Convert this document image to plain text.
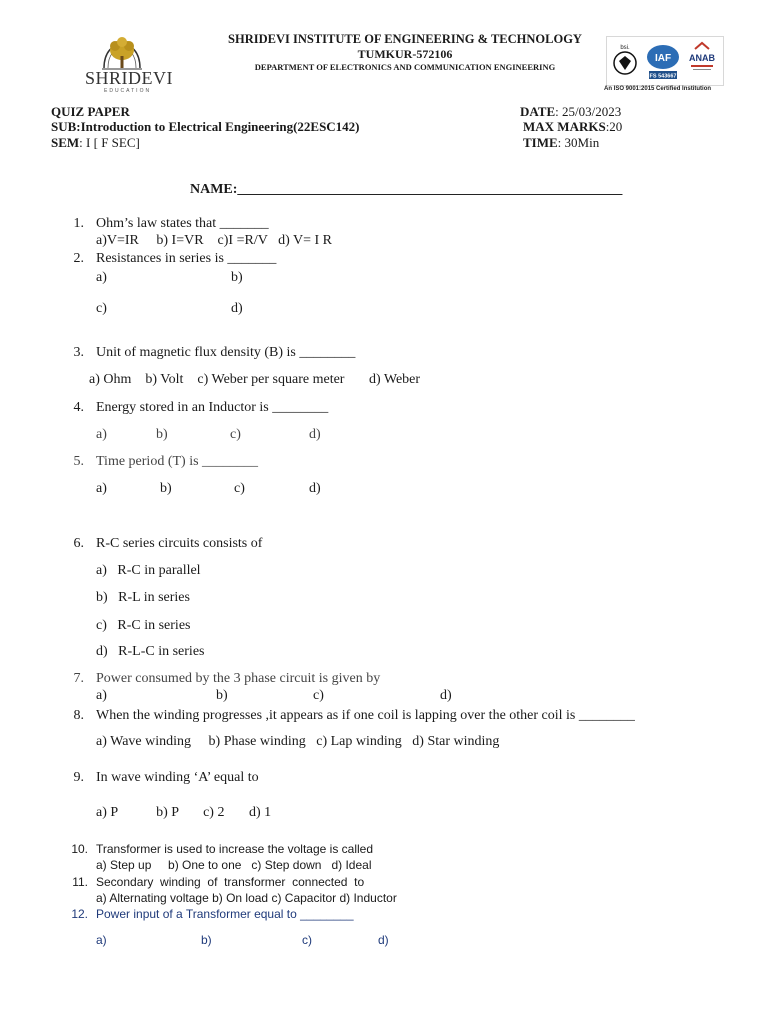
SHRIDEVI
EDUCATION
SHRIDEVI INSTITUTE OF ENGINEERING & TECHNOLOGY
TUMKUR-572106
DEPARTMENT OF ELECTRONICS AND COMMUNICATION ENGINEERING
bsi.
IAF
FS 543667
ANAB
An ISO 9001:2015 Certified Institution
QUIZ PAPER
SUB:Introduction to Electrical Engineering(22ESC142)
SEM: I [ F SEC]
DATE: 25/03/2023
MAX MARKS:20
TIME: 30Min
NAME:_______________________________________________________
1. Ohm’s law states that _______
a)V=IR     b) I=VR    c)I =R/V   d) V= I R
2. Resistances in series is _______
a)	b)
c)	d)
3. Unit of magnetic flux density (B) is ________
a) Ohm    b) Volt    c) Weber per square meter       d) Weber
4. Energy stored in an Inductor is ________
a)	b)	c)	d)
5. Time period (T) is ________
a)	b)	c)	d)
6. R-C series circuits consists of
a)   R-C in parallel
b)   R-L in series
c)   R-C in series
d)   R-L-C in series
7. Power consumed by the 3 phase circuit is given by
a)	b)	c)	d)
8. When the winding progresses ,it appears as if one coil is lapping over the other coil is ________
a) Wave winding     b) Phase winding   c) Lap winding   d) Star winding
9. In wave winding ‘A’ equal to
a) P           b) P       c) 2       d) 1
10. Transformer is used to increase the voltage is called
a) Step up     b) One to one   c) Step down   d) Ideal
11. Secondary  winding  of  transformer  connected  to
a) Alternating voltage b) On load c) Capacitor d) Inductor
12. Power input of a Transformer equal to ________
a)	b)	c)	d)
